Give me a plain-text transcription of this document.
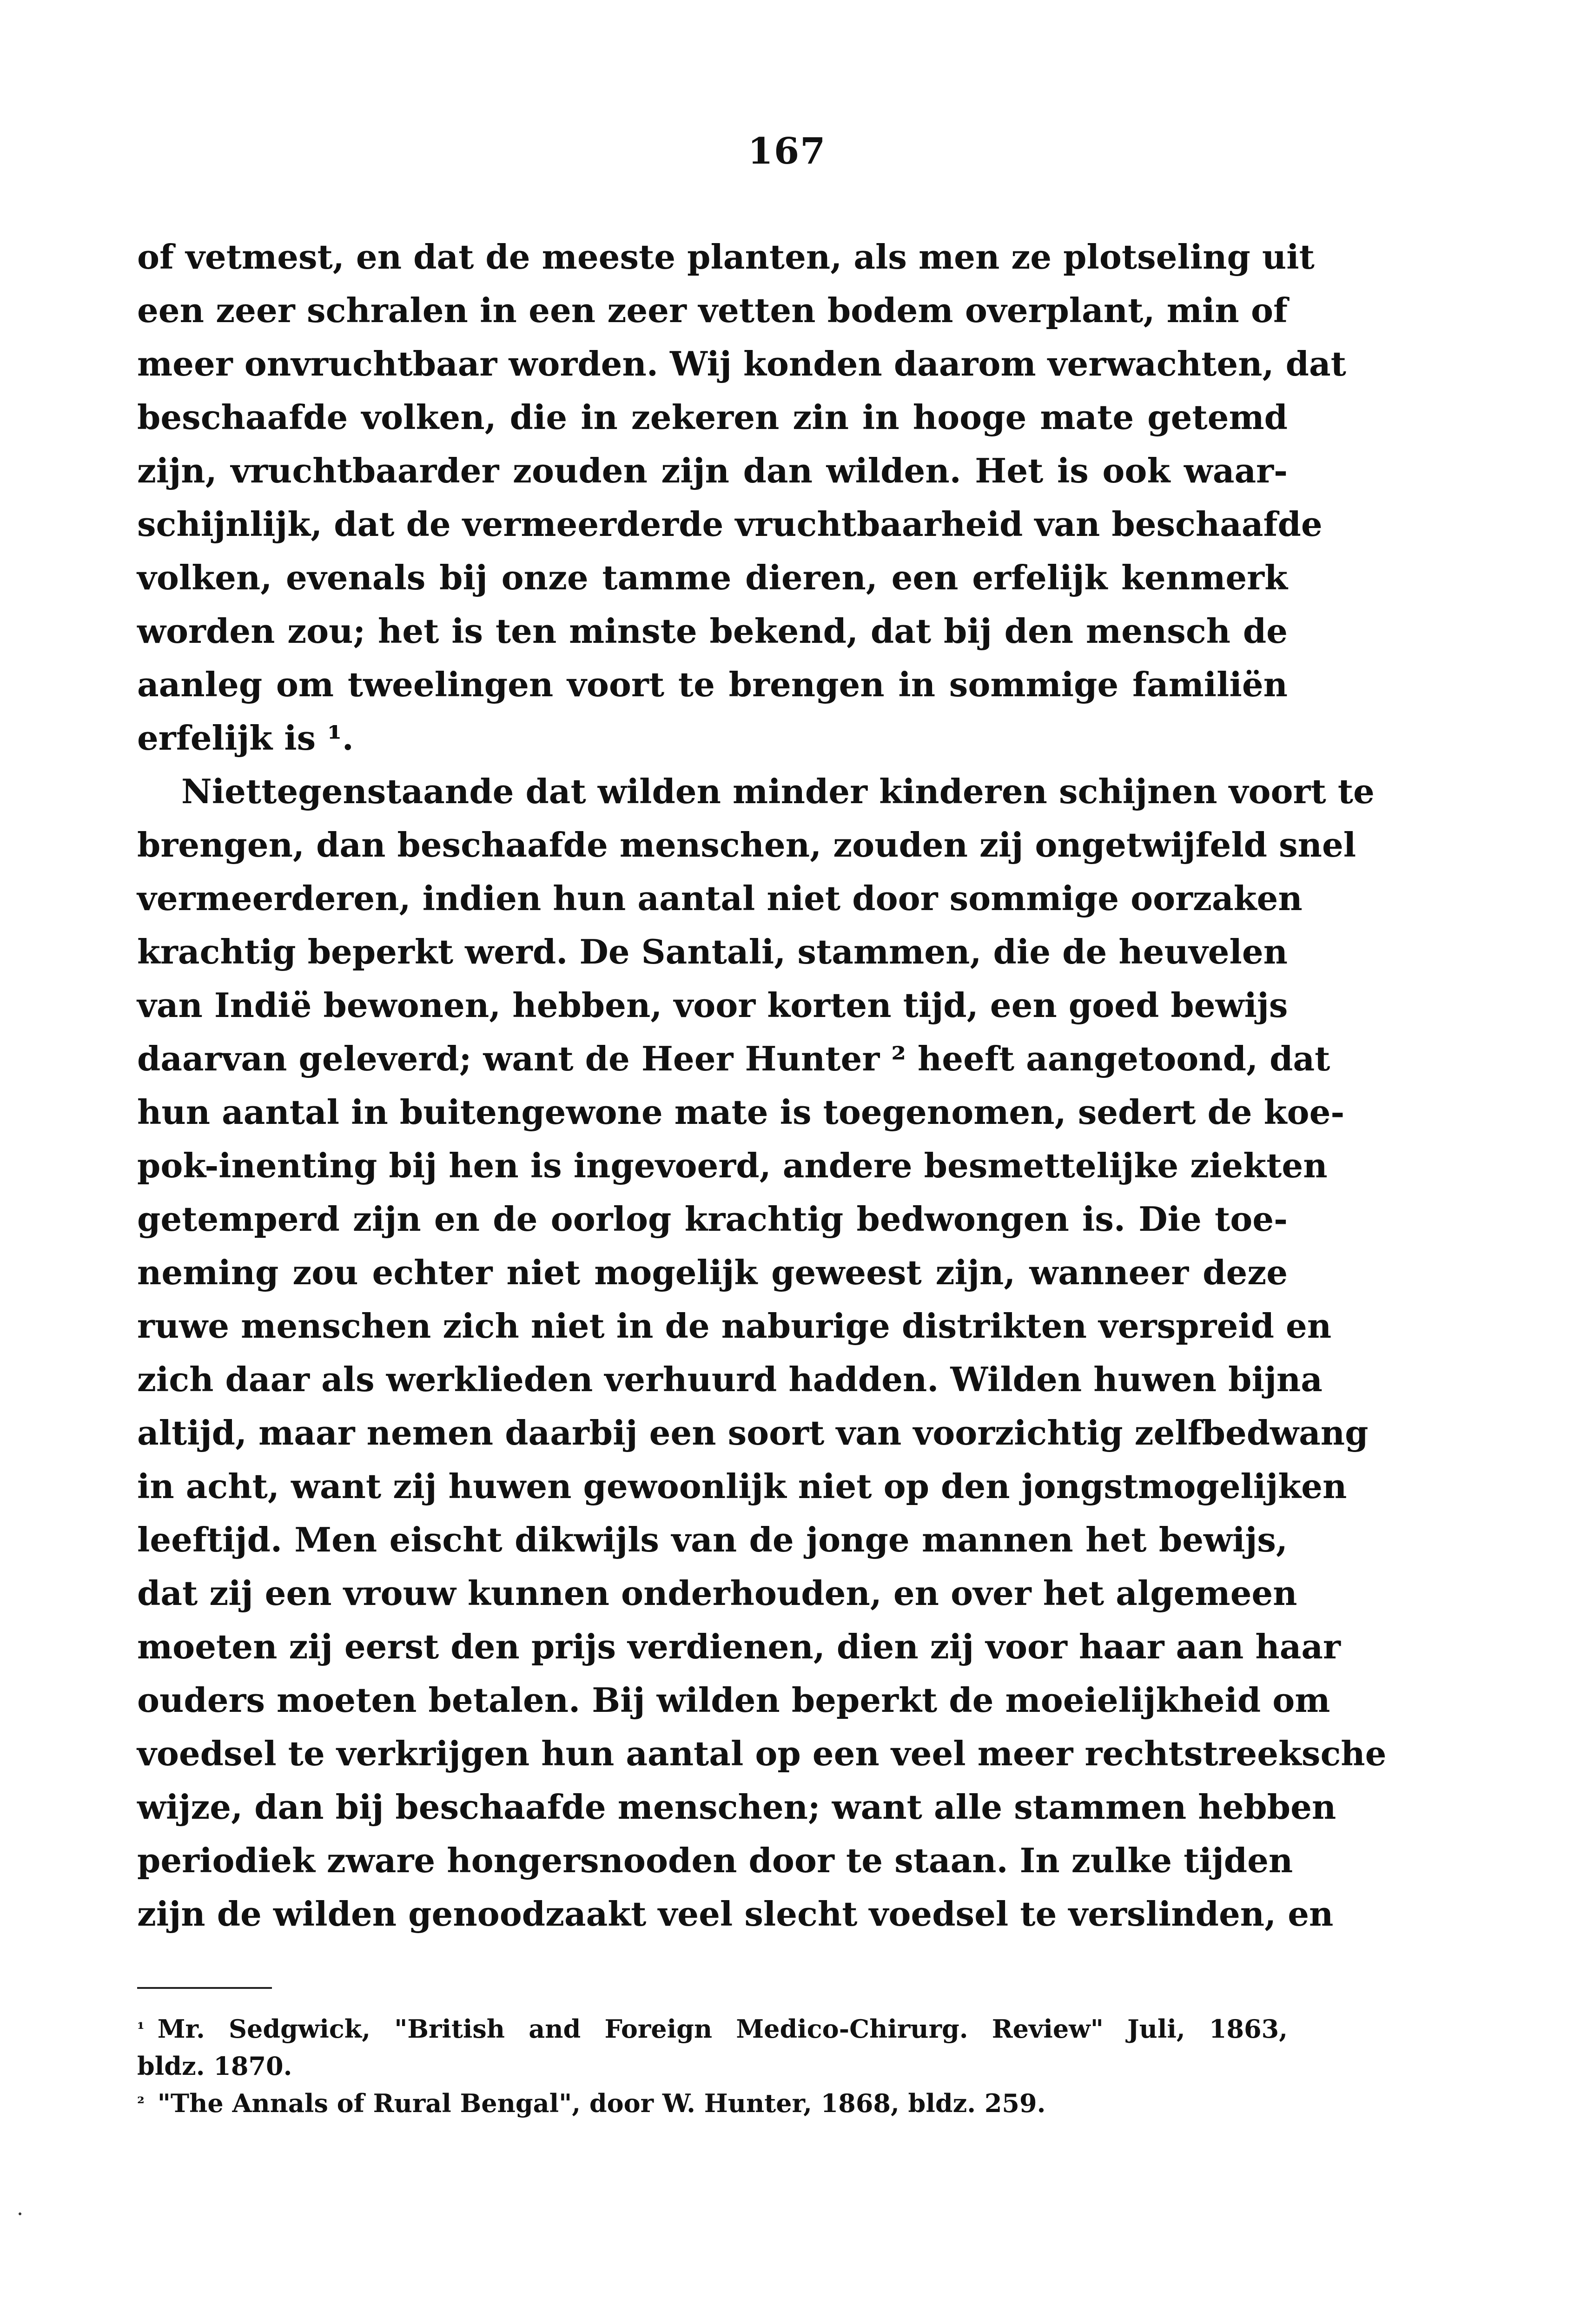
167
of vetmest, en dat de meeste planten, als men ze plotseling uit
een zeer schralen in een zeer vetten bodem overplant, min of
meer onvruchtbaar worden. Wij konden daarom verwachten, dat
beschaafde volken, die in zekeren zin in hooge mate getemd
zijn, vruchtbaarder zouden zijn dan wilden. Het is ook waar-
schijnlijk, dat de vermeerderde vruchtbaarheid van beschaafde
volken, evenals bij onze tamme dieren, een erfelijk kenmerk
worden zou; het is ten minste bekend, dat bij den mensch de
aanleg om tweelingen voort te brengen in sommige familiën
erfelijk is ¹.
Niettegenstaande dat wilden minder kinderen schijnen voort te
brengen, dan beschaafde menschen, zouden zij ongetwijfeld snel
vermeerderen, indien hun aantal niet door sommige oorzaken
krachtig beperkt werd. De Santali, stammen, die de heuvelen
van Indië bewonen, hebben, voor korten tijd, een goed bewijs
daarvan geleverd; want de Heer Hunter ² heeft aangetoond, dat
hun aantal in buitengewone mate is toegenomen, sedert de koe-
pok-inenting bij hen is ingevoerd, andere besmettelijke ziekten
getemperd zijn en de oorlog krachtig bedwongen is. Die toe-
neming zou echter niet mogelijk geweest zijn, wanneer deze
ruwe menschen zich niet in de naburige distrikten verspreid en
zich daar als werklieden verhuurd hadden. Wilden huwen bijna
altijd, maar nemen daarbij een soort van voorzichtig zelfbedwang
in acht, want zij huwen gewoonlijk niet op den jongstmogelijken
leeftijd. Men eischt dikwijls van de jonge mannen het bewijs,
dat zij een vrouw kunnen onderhouden, en over het algemeen
moeten zij eerst den prijs verdienen, dien zij voor haar aan haar
ouders moeten betalen. Bij wilden beperkt de moeielijkheid om
voedsel te verkrijgen hun aantal op een veel meer rechtstreeksche
wijze, dan bij beschaafde menschen; want alle stammen hebben
periodiek zware hongersnooden door te staan. In zulke tijden
zijn de wilden genoodzaakt veel slecht voedsel te verslinden, en
¹ Mr. Sedgwick, "British and Foreign Medico-Chirurg. Review" Juli, 1863,
bldz. 1870.
² "The Annals of Rural Bengal", door W. Hunter, 1868, bldz. 259.
